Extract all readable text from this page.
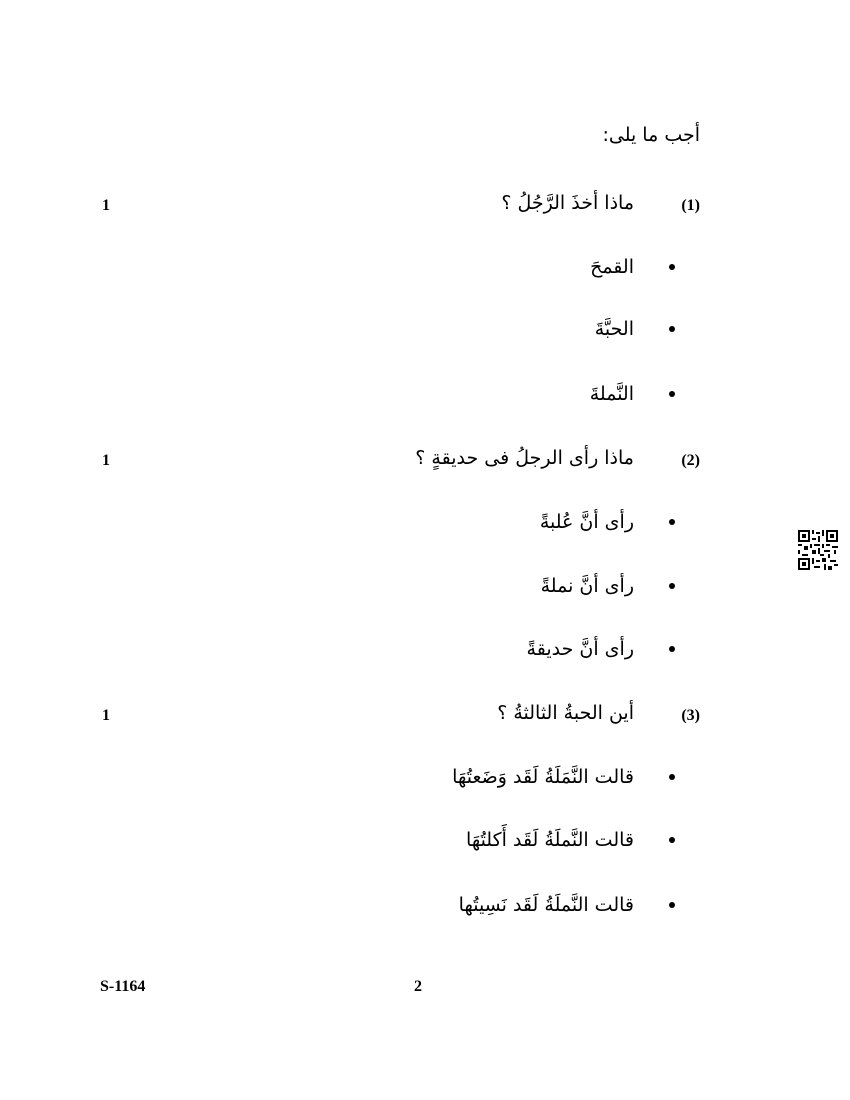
أجب ما يلى:
(1)
ماذا أخذَ الرَّجُلُ ؟
1
القمحَ
الحبَّةَ
النَّملةَ
(2)
ماذا رأى الرجلُ فى حديقةٍ ؟
1
رأى أنَّ عُلبةً
رأى أنَّ نملةً
رأى أنَّ حديقةً
(3)
أين الحبةُ الثالثةُ ؟
1
قالت النَّمَلَةُ لَقَد وَضَعتُهَا
قالت النَّملَةُ لَقَد أَكلتُهَا
قالت النَّملَةُ لَقَد نَسِيتُها
S-1164	2
